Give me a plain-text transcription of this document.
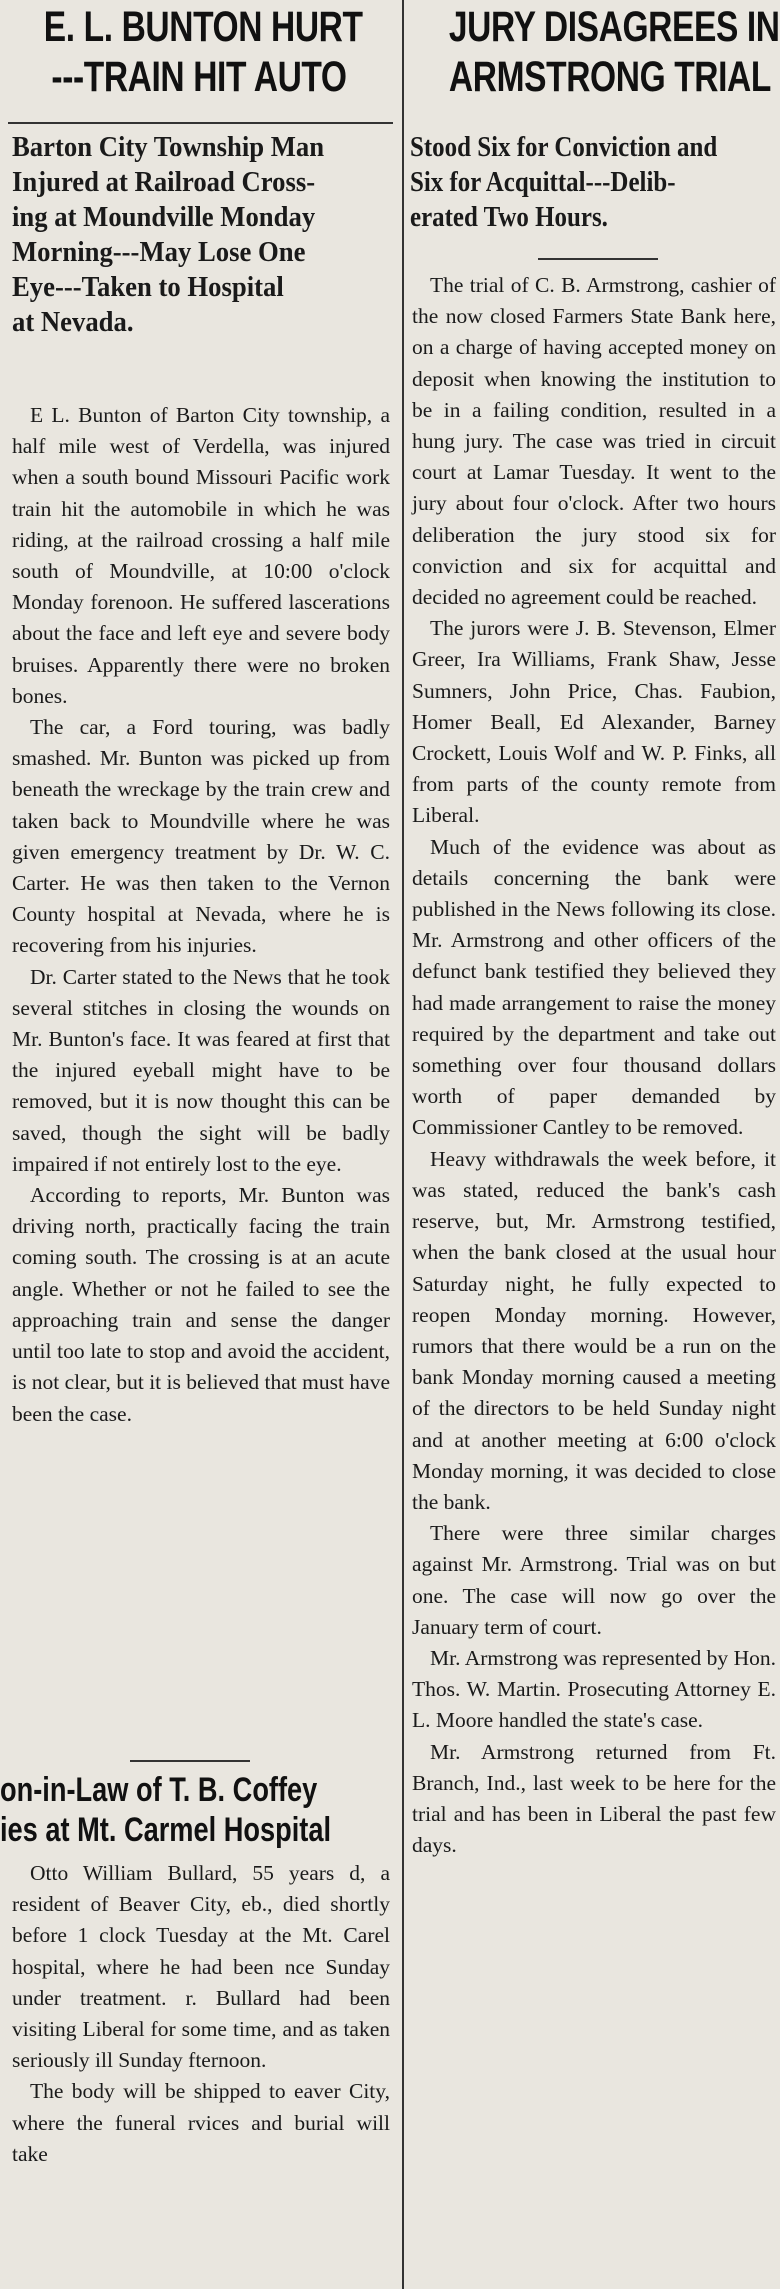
E. L. BUNTON HURT
---TRAIN HIT AUTO
Barton City Township Man
Injured at Railroad Cross-
ing at Moundville Monday
Morning---May Lose One
Eye---Taken to Hospital
at Nevada.

E L. Bunton of Barton City township, a half mile west of Verdella, was injured when a south bound Missouri Pacific work train hit the automobile in which he was riding, at the railroad crossing a half mile south of Moundville, at 10:00 o'clock Monday forenoon. He suffered lascerations about the face and left eye and severe body bruises. Apparently there were no broken bones.

The car, a Ford touring, was badly smashed. Mr. Bunton was picked up from beneath the wreckage by the train crew and taken back to Moundville where he was given emergency treatment by Dr. W. C. Carter. He was then taken to the Vernon County hospital at Nevada, where he is recovering from his injuries.

Dr. Carter stated to the News that he took several stitches in closing the wounds on Mr. Bunton's face. It was feared at first that the injured eyeball might have to be removed, but it is now thought this can be saved, though the sight will be badly impaired if not entirely lost to the eye.

According to reports, Mr. Bunton was driving north, practically facing the train coming south. The crossing is at an acute angle. Whether or not he failed to see the approaching train and sense the danger until too late to stop and avoid the accident, is not clear, but it is believed that must have been the case.

on-in-Law of T. B. Coffey
ies at Mt. Carmel Hospital

Otto William Bullard, 55 years d, a resident of Beaver City, eb., died shortly before 1 clock Tuesday at the Mt. Carel hospital, where he had been nce Sunday under treatment. r. Bullard had been visiting Liberal for some time, and as taken seriously ill Sunday fternoon.

The body will be shipped to eaver City, where the funeral rvices and burial will take

JURY DISAGREES IN
ARMSTRONG TRIAL
Stood Six for Conviction and
Six for Acquittal---Delib-
erated Two Hours.

The trial of C. B. Armstrong, cashier of the now closed Farmers State Bank here, on a charge of having accepted money on deposit when knowing the institution to be in a failing condition, resulted in a hung jury. The case was tried in circuit court at Lamar Tuesday. It went to the jury about four o'clock. After two hours deliberation the jury stood six for conviction and six for acquittal and decided no agreement could be reached.

The jurors were J. B. Stevenson, Elmer Greer, Ira Williams, Frank Shaw, Jesse Sumners, John Price, Chas. Faubion, Homer Beall, Ed Alexander, Barney Crockett, Louis Wolf and W. P. Finks, all from parts of the county remote from Liberal.

Much of the evidence was about as details concerning the bank were published in the News following its close. Mr. Armstrong and other officers of the defunct bank testified they believed they had made arrangement to raise the money required by the department and take out something over four thousand dollars worth of paper demanded by Commissioner Cantley to be removed.

Heavy withdrawals the week before, it was stated, reduced the bank's cash reserve, but, Mr. Armstrong testified, when the bank closed at the usual hour Saturday night, he fully expected to reopen Monday morning. However, rumors that there would be a run on the bank Monday morning caused a meeting of the directors to be held Sunday night and at another meeting at 6:00 o'clock Monday morning, it was decided to close the bank.

There were three similar charges against Mr. Armstrong. Trial was on but one. The case will now go over the January term of court.

Mr. Armstrong was represented by Hon. Thos. W. Martin. Prosecuting Attorney E. L. Moore handled the state's case.

Mr. Armstrong returned from Ft. Branch, Ind., last week to be here for the trial and has been in Liberal the past few days.
